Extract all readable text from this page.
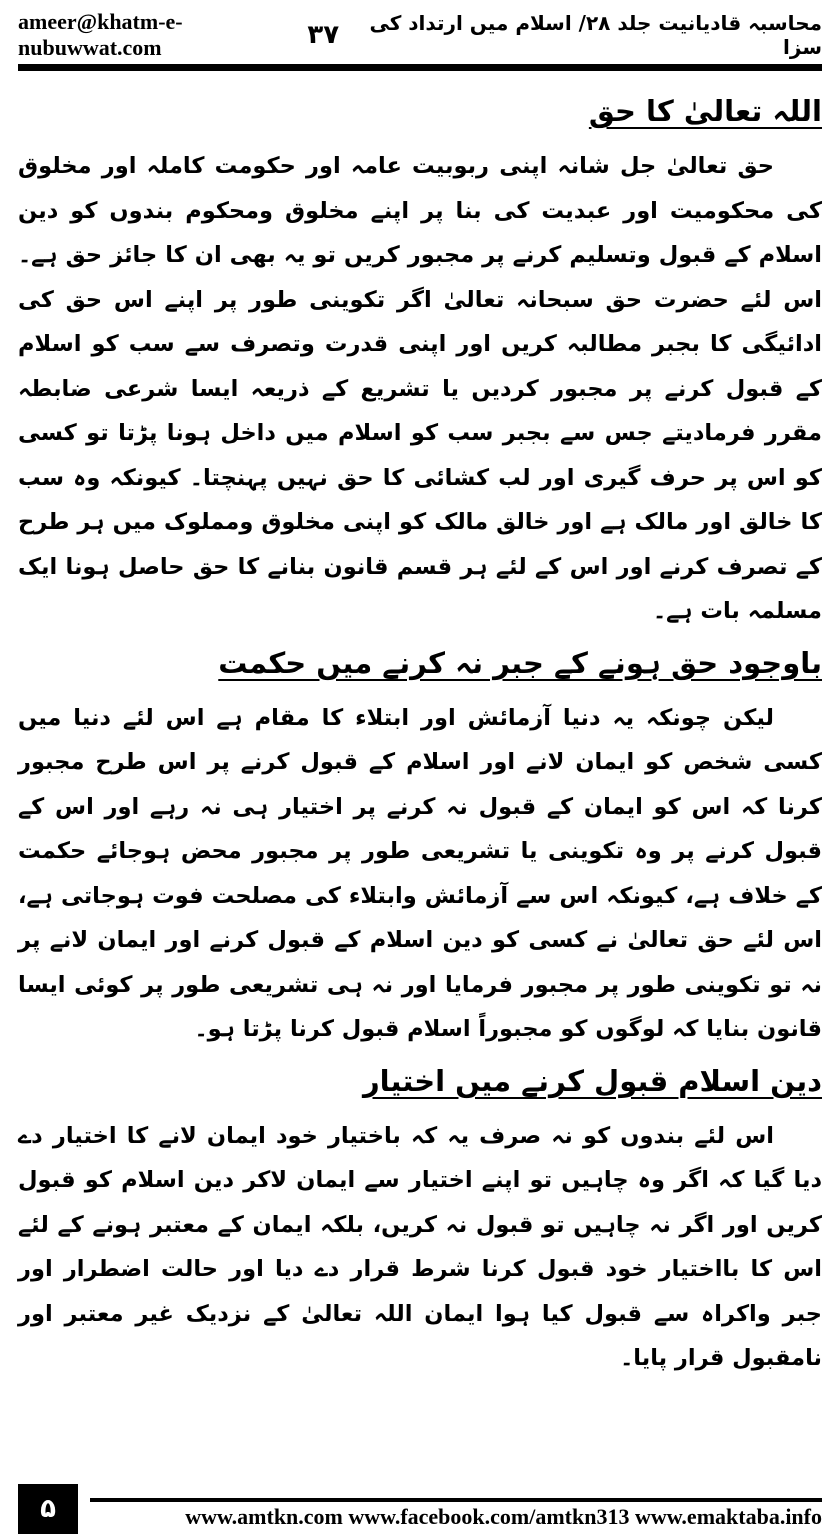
ameer@khatm-e-nubuwwat.com
محاسبہ قادیانیت جلد ۲۸/ اسلام میں ارتداد کی سزا
۳۷
اللہ تعالیٰ کا حق

حق تعالیٰ جل شانہ اپنی ربوبیت عامہ اور حکومت کاملہ اور مخلوق کی محکومیت اور عبدیت کی بنا پر اپنے مخلوق ومحکوم بندوں کو دین اسلام کے قبول وتسلیم کرنے پر مجبور کریں تو یہ بھی ان کا جائز حق ہے۔ اس لئے حضرت حق سبحانہ تعالیٰ اگر تکوینی طور پر اپنے اس حق کی ادائیگی کا بجبر مطالبہ کریں اور اپنی قدرت وتصرف سے سب کو اسلام کے قبول کرنے پر مجبور کردیں یا تشریع کے ذریعہ ایسا شرعی ضابطہ مقرر فرمادیتے جس سے بجبر سب کو اسلام میں داخل ہونا پڑتا تو کسی کو اس پر حرف گیری اور لب کشائی کا حق نہیں پہنچتا۔ کیونکہ وہ سب کا خالق اور مالک ہے اور خالق مالک کو اپنی مخلوق ومملوک میں ہر طرح کے تصرف کرنے اور اس کے لئے ہر قسم قانون بنانے کا حق حاصل ہونا ایک مسلمہ بات ہے۔

باوجود حق ہونے کے جبر نہ کرنے میں حکمت

لیکن چونکہ یہ دنیا آزمائش اور ابتلاء کا مقام ہے اس لئے دنیا میں کسی شخص کو ایمان لانے اور اسلام کے قبول کرنے پر اس طرح مجبور کرنا کہ اس کو ایمان کے قبول نہ کرنے پر اختیار ہی نہ رہے اور اس کے قبول کرنے پر وہ تکوینی یا تشریعی طور پر مجبور محض ہوجائے حکمت کے خلاف ہے، کیونکہ اس سے آزمائش وابتلاء کی مصلحت فوت ہوجاتی ہے، اس لئے حق تعالیٰ نے کسی کو دین اسلام کے قبول کرنے اور ایمان لانے پر نہ تو تکوینی طور پر مجبور فرمایا اور نہ ہی تشریعی طور پر کوئی ایسا قانون بنایا کہ لوگوں کو مجبوراً اسلام قبول کرنا پڑتا ہو۔

دین اسلام قبول کرنے میں اختیار

اس لئے بندوں کو نہ صرف یہ کہ باختیار خود ایمان لانے کا اختیار دے دیا گیا کہ اگر وہ چاہیں تو اپنے اختیار سے ایمان لاکر دین اسلام کو قبول کریں اور اگر نہ چاہیں تو قبول نہ کریں، بلکہ ایمان کے معتبر ہونے کے لئے اس کا بااختیار خود قبول کرنا شرط قرار دے دیا اور حالت اضطرار اور جبر واکراہ سے قبول کیا ہوا ایمان اللہ تعالیٰ کے نزدیک غیر معتبر اور نامقبول قرار پایا۔

۵	www.amtkn.com www.facebook.com/amtkn313 www.emaktaba.info
